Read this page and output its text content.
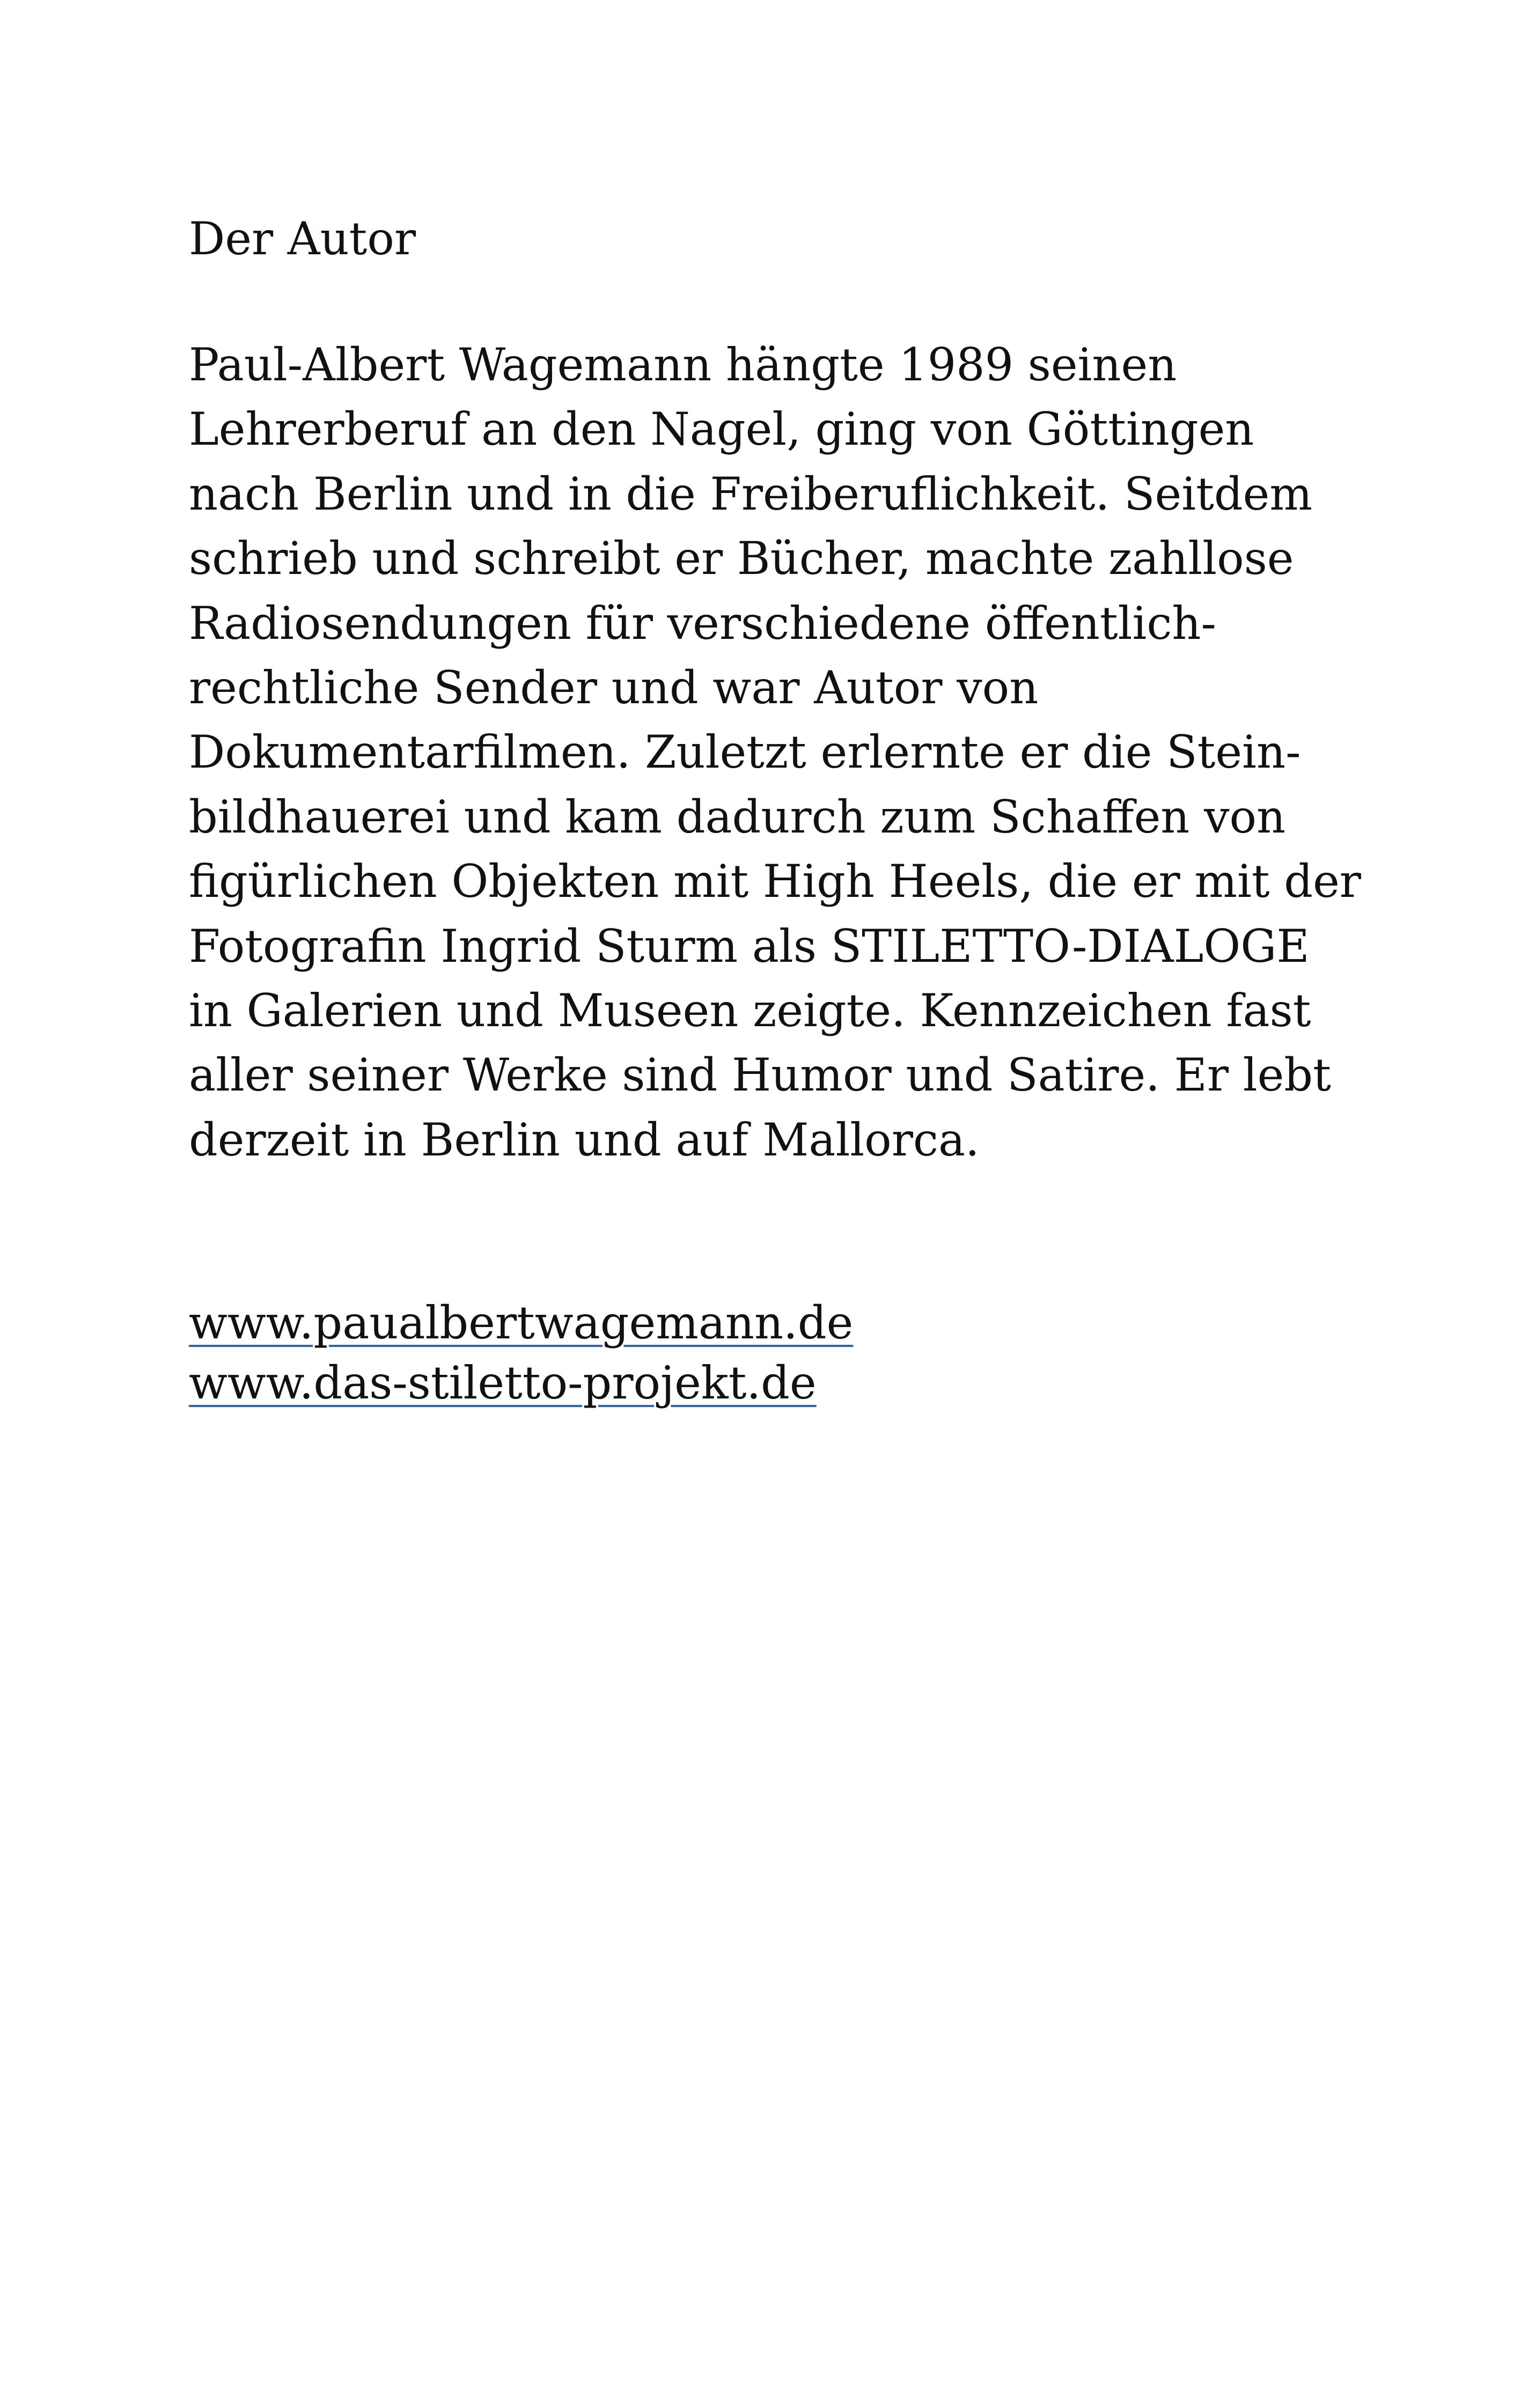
Der Autor

Paul-Albert Wagemann hängte 1989 seinen
Lehrerberuf an den Nagel, ging von Göttingen
nach Berlin und in die Freiberuflichkeit. Seitdem
schrieb und schreibt er Bücher, machte zahllose
Radiosendungen für verschiedene öffentlich-
rechtliche Sender und war Autor von
Dokumentarfilmen. Zuletzt erlernte er die Stein-
bildhauerei und kam dadurch zum Schaffen von
figürlichen Objekten mit High Heels, die er mit der
Fotografin Ingrid Sturm als STILETTO-DIALOGE
in Galerien und Museen zeigte. Kennzeichen fast
aller seiner Werke sind Humor und Satire. Er lebt
derzeit in Berlin und auf Mallorca.

www.paualbertwagemann.de
www.das-stiletto-projekt.de
